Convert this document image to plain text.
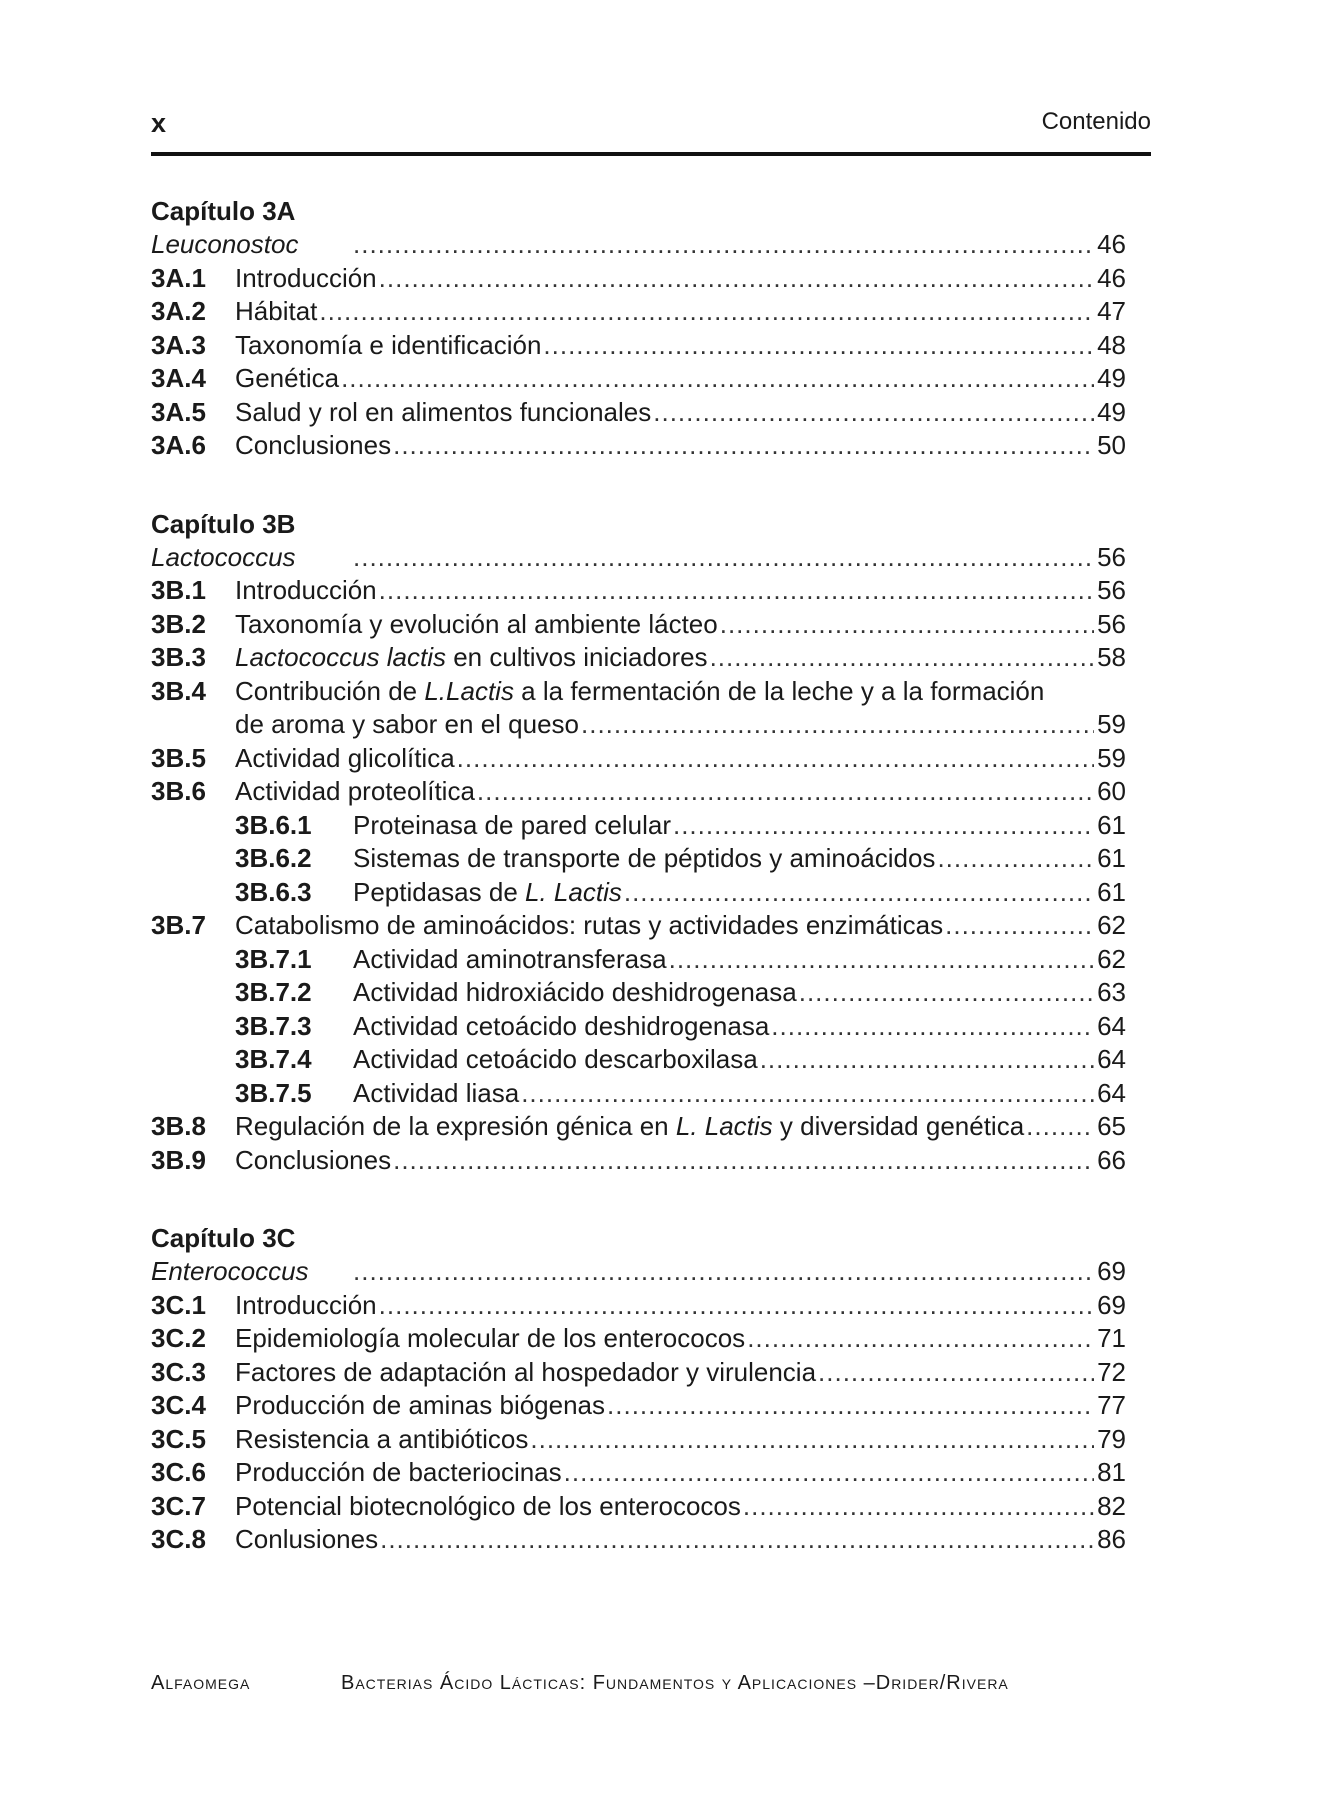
x	Contenido
Capítulo 3A
Leuconostoc .....	46
3A.1	Introducción .....	46
3A.2	Hábitat .....	47
3A.3	Taxonomía e identificación .....	48
3A.4	Genética .....	49
3A.5	Salud y rol en alimentos funcionales .....	49
3A.6	Conclusiones .....	50
Capítulo 3B
Lactococcus .....	56
3B.1	Introducción .....	56
3B.2	Taxonomía y evolución al ambiente lácteo .....	56
3B.3	Lactococcus lactis en cultivos iniciadores .....	58
3B.4	Contribución de L.Lactis a la fermentación de la leche y a la formación
de aroma y sabor en el queso .....	59
3B.5	Actividad glicolítica .....	59
3B.6	Actividad proteolítica .....	60
3B.6.1	Proteinasa de pared celular .....	61
3B.6.2	Sistemas de transporte de péptidos y aminoácidos .....	61
3B.6.3	Peptidasas de L. Lactis .....	61
3B.7	Catabolismo de aminoácidos: rutas y actividades enzimáticas .....	62
3B.7.1	Actividad aminotransferasa .....	62
3B.7.2	Actividad hidroxiácido deshidrogenasa .....	63
3B.7.3	Actividad cetoácido deshidrogenasa .....	64
3B.7.4	Actividad cetoácido descarboxilasa .....	64
3B.7.5	Actividad liasa .....	64
3B.8	Regulación de la expresión génica en L. Lactis y diversidad genética .....	65
3B.9	Conclusiones .....	66
Capítulo 3C
Enterococcus .....	69
3C.1	Introducción .....	69
3C.2	Epidemiología molecular de los enterococos .....	71
3C.3	Factores de adaptación al hospedador y virulencia .....	72
3C.4	Producción de aminas biógenas .....	77
3C.5	Resistencia a antibióticos .....	79
3C.6	Producción de bacteriocinas .....	81
3C.7	Potencial biotecnológico de los enterococos .....	82
3C.8	Conlusiones .....	86
Alfaomega	Bacterias Ácido Lácticas: Fundamentos y Aplicaciones –Drider/Rivera
